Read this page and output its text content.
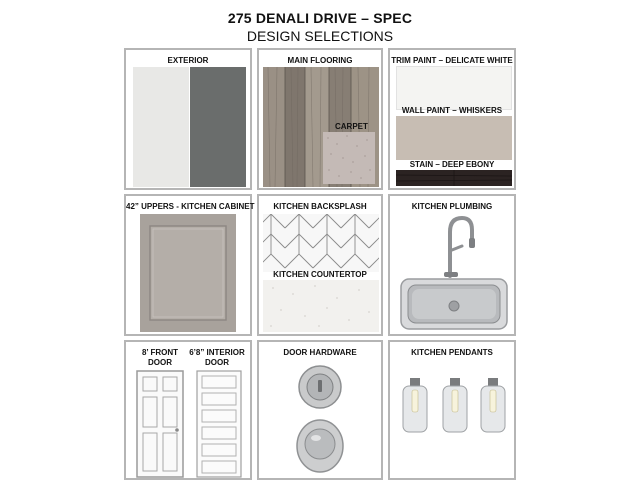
275 DENALI DRIVE – SPEC
DESIGN SELECTIONS
EXTERIOR	MAIN FLOORING
CARPET
TRIM PAINT – DELICATE WHITE
WALL PAINT – WHISKERS
STAIN – DEEP EBONY
42” UPPERS - KITCHEN CABINET	KITCHEN BACKSPLASH
KITCHEN COUNTERTOP
KITCHEN PLUMBING
8’ FRONT DOOR
6’8” INTERIOR DOOR
DOOR HARDWARE	KITCHEN PENDANTS
